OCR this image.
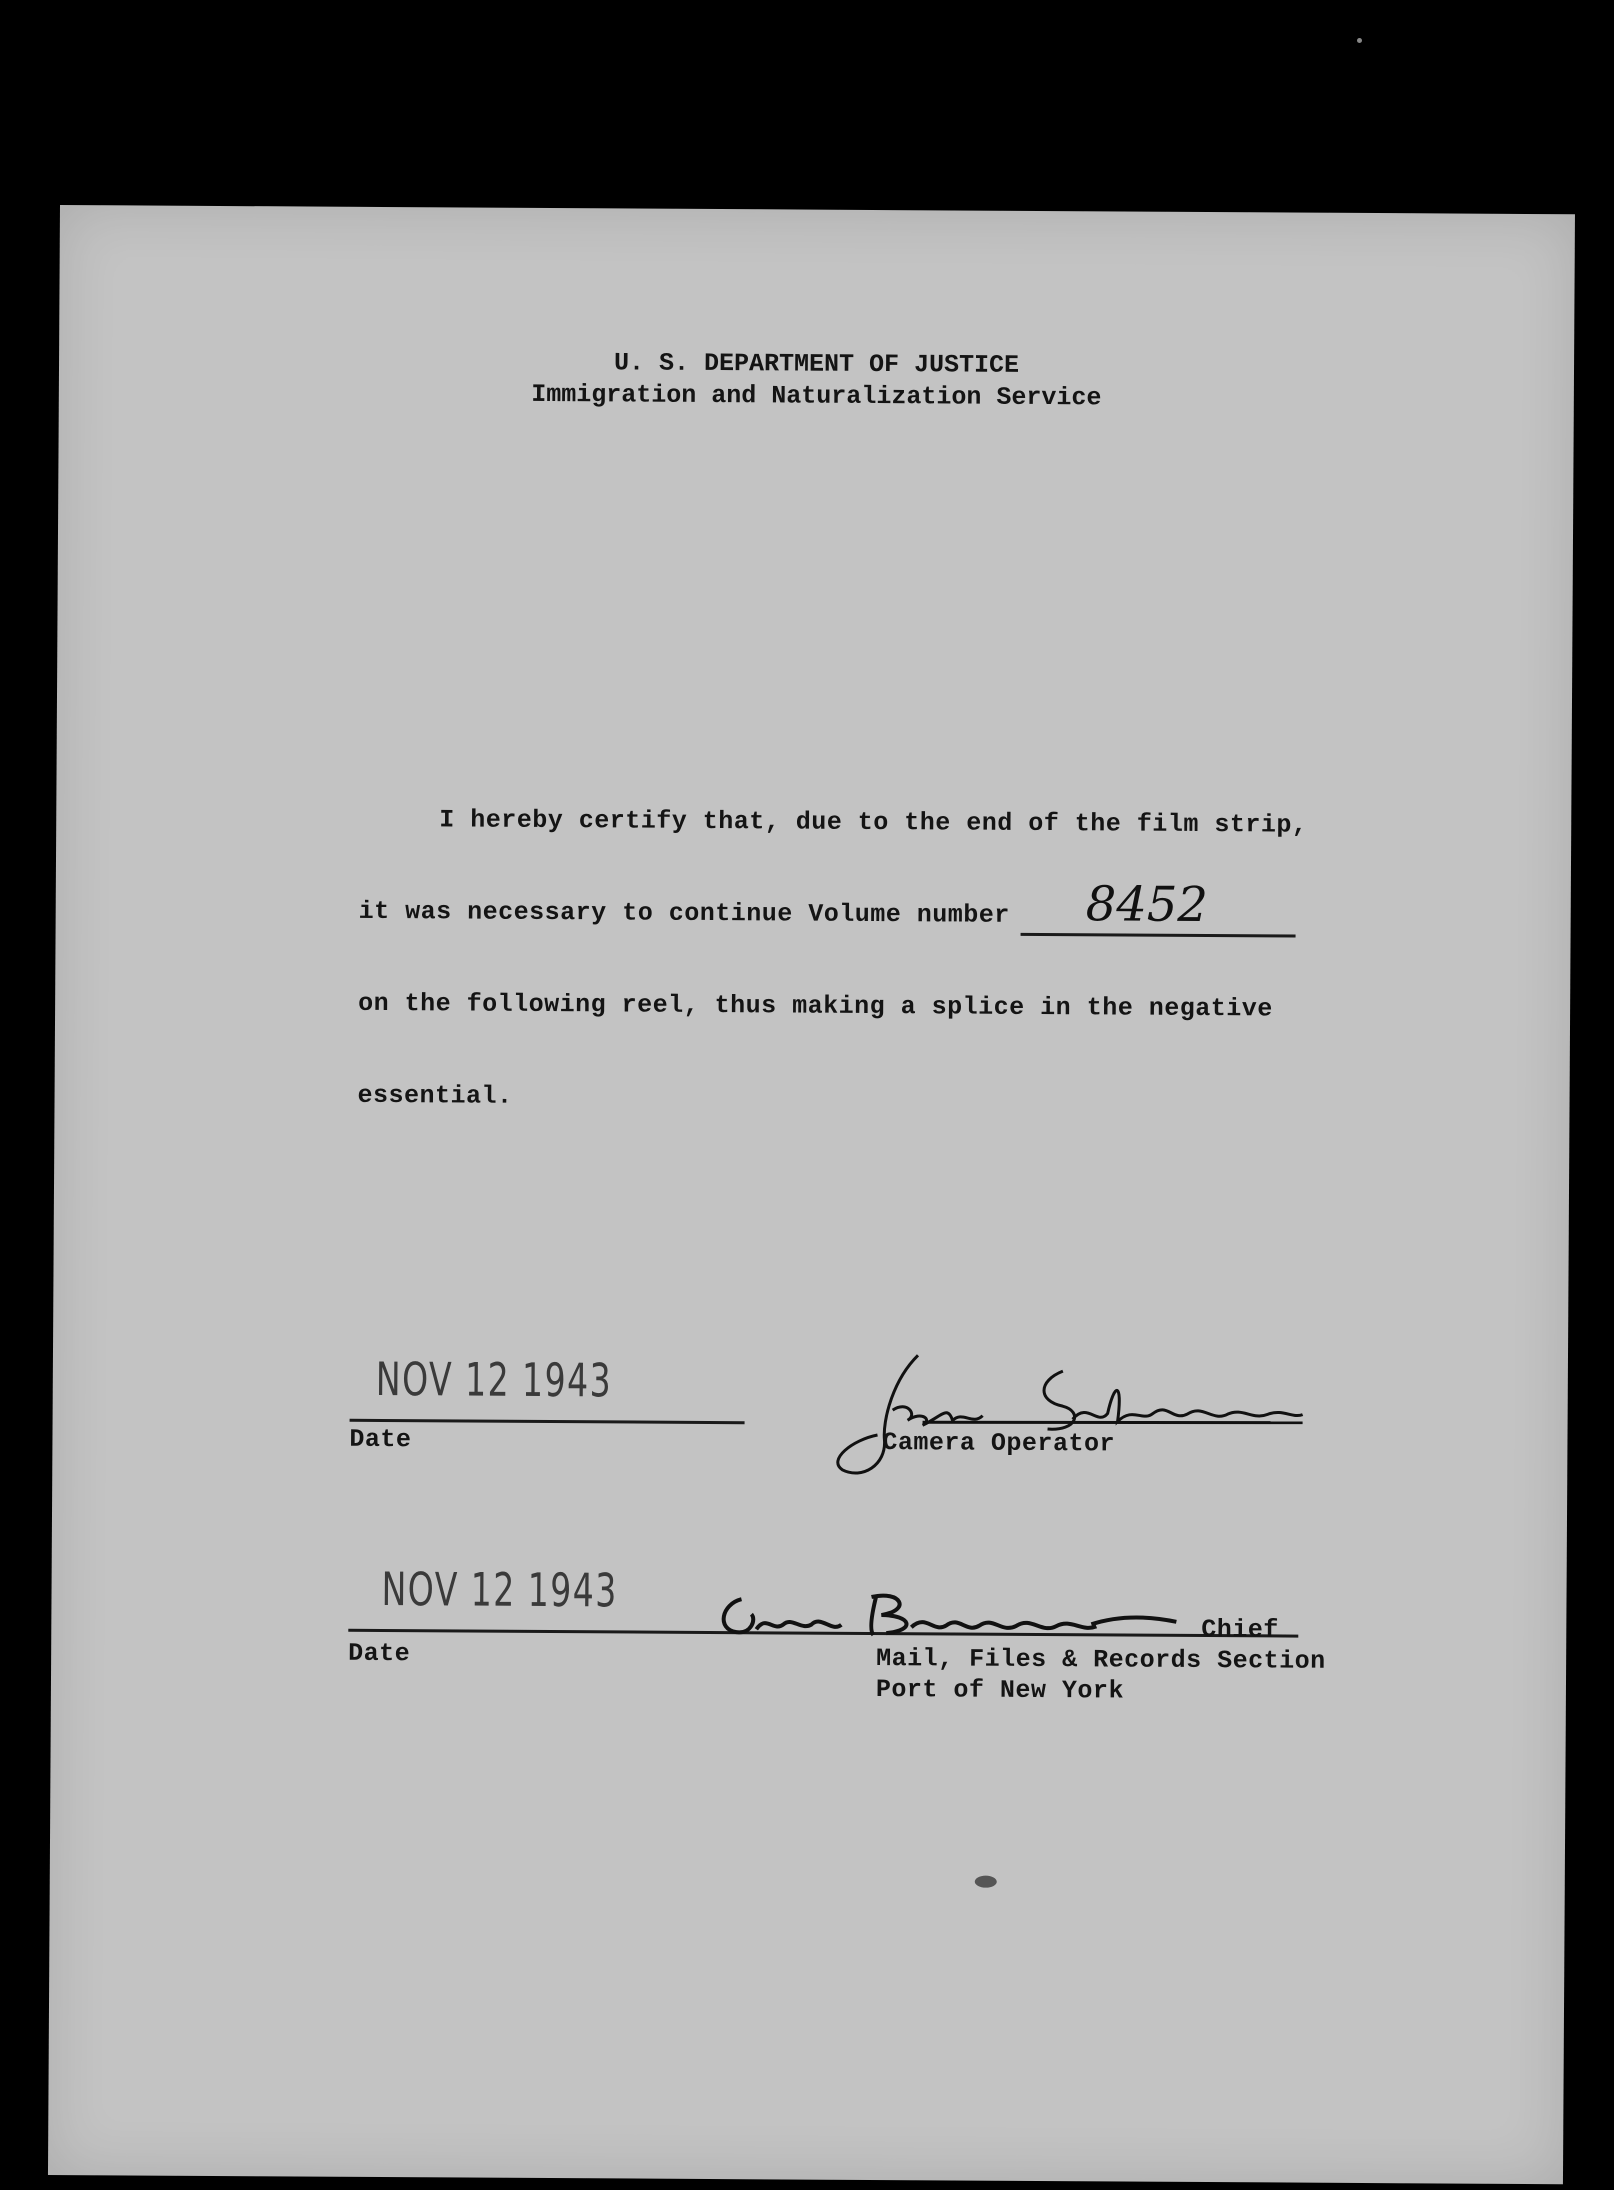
U. S. DEPARTMENT OF JUSTICE
Immigration and Naturalization Service
I hereby certify that, due to the end of the film strip,
it was necessary to continue Volume number 8452
on the following reel, thus making a splice in the negative
essential.
NOV 12 1943
Date	Camera Operator
NOV 12 1943
Date
Chief
Mail, Files & Records Section
Port of New York
